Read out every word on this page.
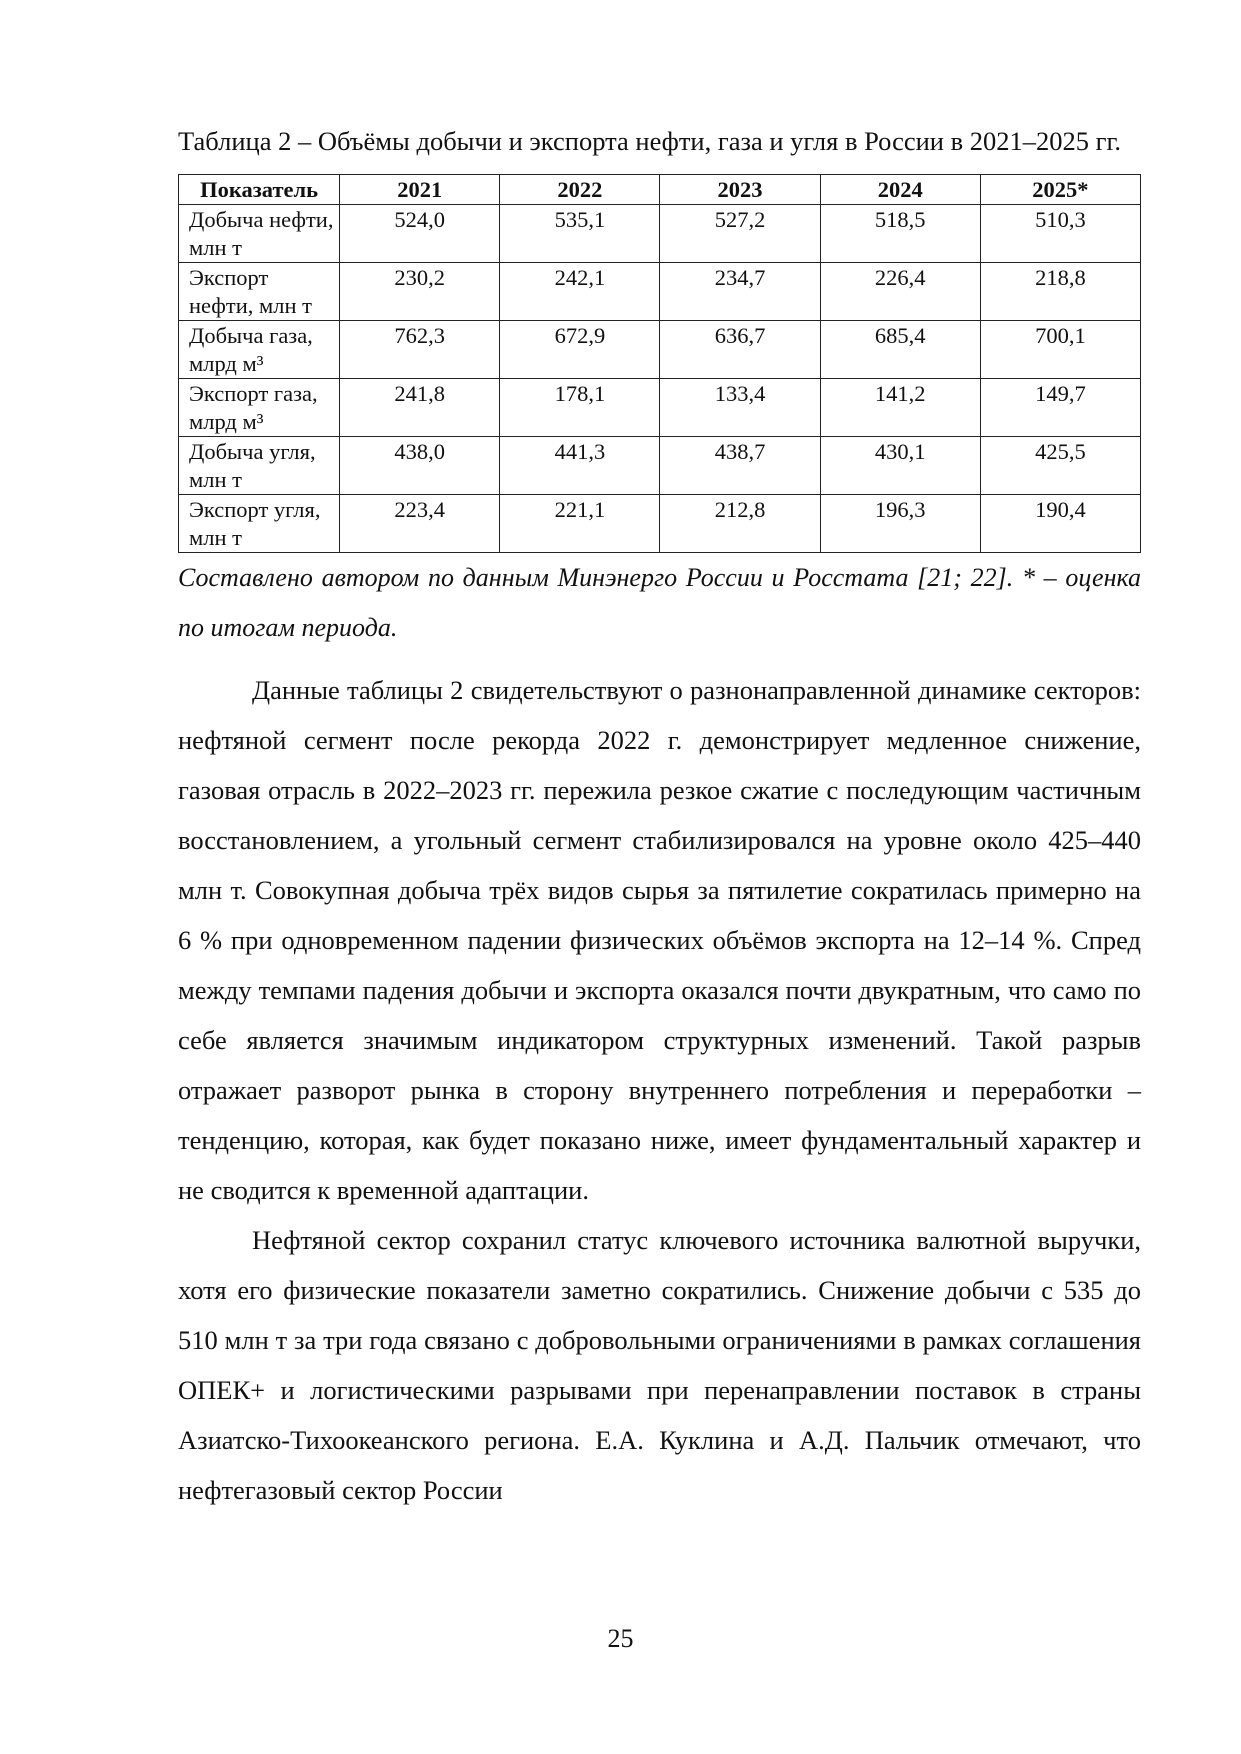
Таблица 2 – Объёмы добычи и экспорта нефти, газа и угля в России в 2021–2025 гг.

Показатель	2021	2022	2023	2024	2025*
Добыча нефти, млн т	524,0	535,1	527,2	518,5	510,3
Экспорт нефти, млн т	230,2	242,1	234,7	226,4	218,8
Добыча газа, млрд м³	762,3	672,9	636,7	685,4	700,1
Экспорт газа, млрд м³	241,8	178,1	133,4	141,2	149,7
Добыча угля, млн т	438,0	441,3	438,7	430,1	425,5
Экспорт угля, млн т	223,4	221,1	212,8	196,3	190,4

Составлено автором по данным Минэнерго России и Росстата [21; 22]. * – оценка по итогам периода.

Данные таблицы 2 свидетельствуют о разнонаправленной динамике секторов: нефтяной сегмент после рекорда 2022 г. демонстрирует медленное снижение, газовая отрасль в 2022–2023 гг. пережила резкое сжатие с последующим частичным восстановлением, а угольный сегмент стабилизировался на уровне около 425–440 млн т. Совокупная добыча трёх видов сырья за пятилетие сократилась примерно на 6 % при одновременном падении физических объёмов экспорта на 12–14 %. Спред между темпами падения добычи и экспорта оказался почти двукратным, что само по себе является значимым индикатором структурных изменений. Такой разрыв отражает разворот рынка в сторону внутреннего потребления и переработки – тенденцию, которая, как будет показано ниже, имеет фундаментальный характер и не сводится к временной адаптации.

Нефтяной сектор сохранил статус ключевого источника валютной выручки, хотя его физические показатели заметно сократились. Снижение добычи с 535 до 510 млн т за три года связано с добровольными ограничениями в рамках соглашения ОПЕК+ и логистическими разрывами при перенаправлении поставок в страны Азиатско-Тихоокеанского региона. Е.А. Куклина и А.Д. Пальчик отмечают, что нефтегазовый сектор России

25
